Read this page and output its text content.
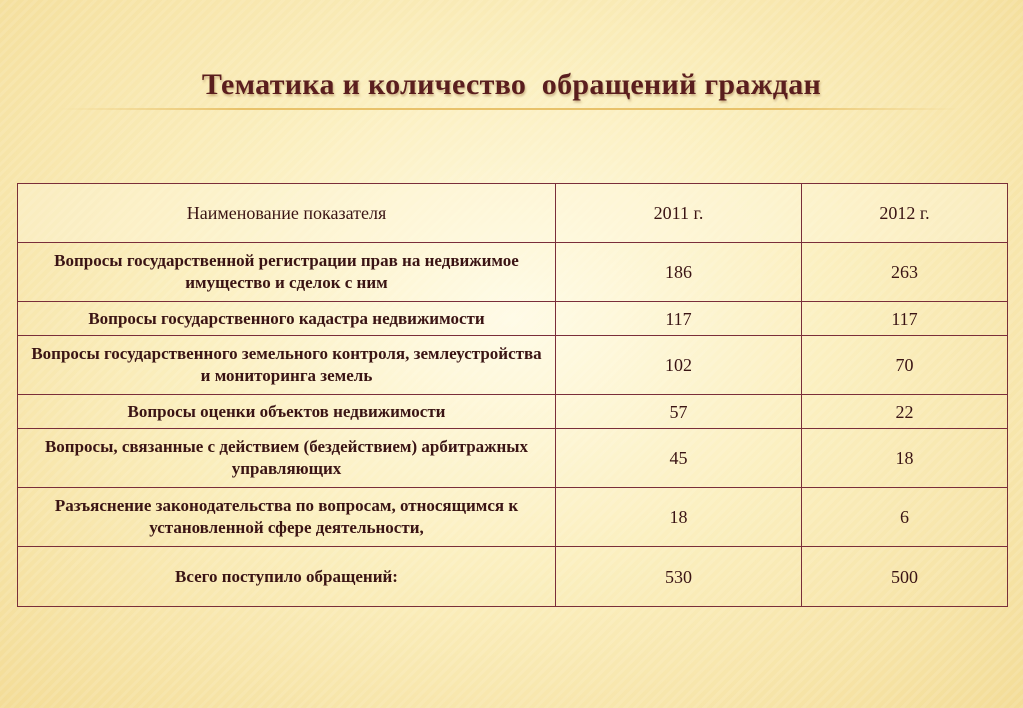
Тематика и количество  обращений граждан
Наименование показателя	2011 г.	2012 г.
Вопросы государственной регистрации прав на недвижимое имущество и сделок с ним	186	263
Вопросы государственного кадастра недвижимости	117	117
Вопросы государственного земельного контроля, землеустройства и мониторинга земель	102	70
Вопросы оценки объектов недвижимости	57	22
Вопросы, связанные с действием (бездействием) арбитражных управляющих	45	18
Разъяснение законодательства по вопросам, относящимся к установленной сфере деятельности,	18	6
Всего поступило обращений:	530	500
